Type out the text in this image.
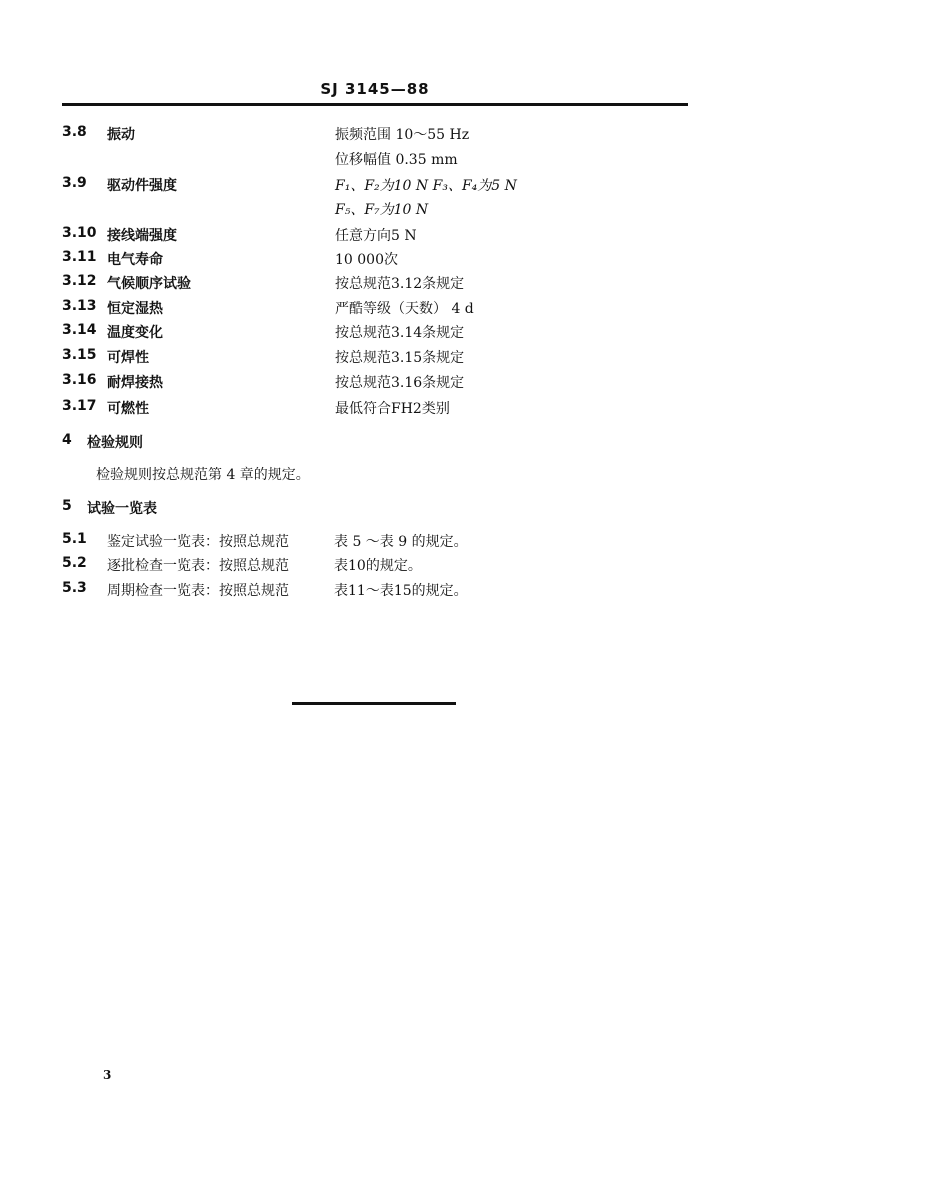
SJ 3145—88
3.8 振动	振频范围 10～55 Hz
位移幅值 0.35 mm
3.9 驱动件强度	F₁、F₂为10 N F₃、F₄为5 N
F₅、F₇为10 N
3.10 接线端强度	任意方向5 N
3.11 电气寿命	10 000次
3.12 气候顺序试验	按总规范3.12条规定
3.13 恒定湿热	严酷等级（天数） 4 d
3.14 温度变化	按总规范3.14条规定
3.15 可焊性	按总规范3.15条规定
3.16 耐焊接热	按总规范3.16条规定
3.17 可燃性	最低符合FH2类别
4 检验规则
检验规则按总规范第 4 章的规定。
5 试验一览表
5.1 鉴定试验一览表：按照总规范	表 5 ～表 9 的规定。
5.2 逐批检查一览表：按照总规范	表10的规定。
5.3 周期检查一览表：按照总规范	表11～表15的规定。
3
